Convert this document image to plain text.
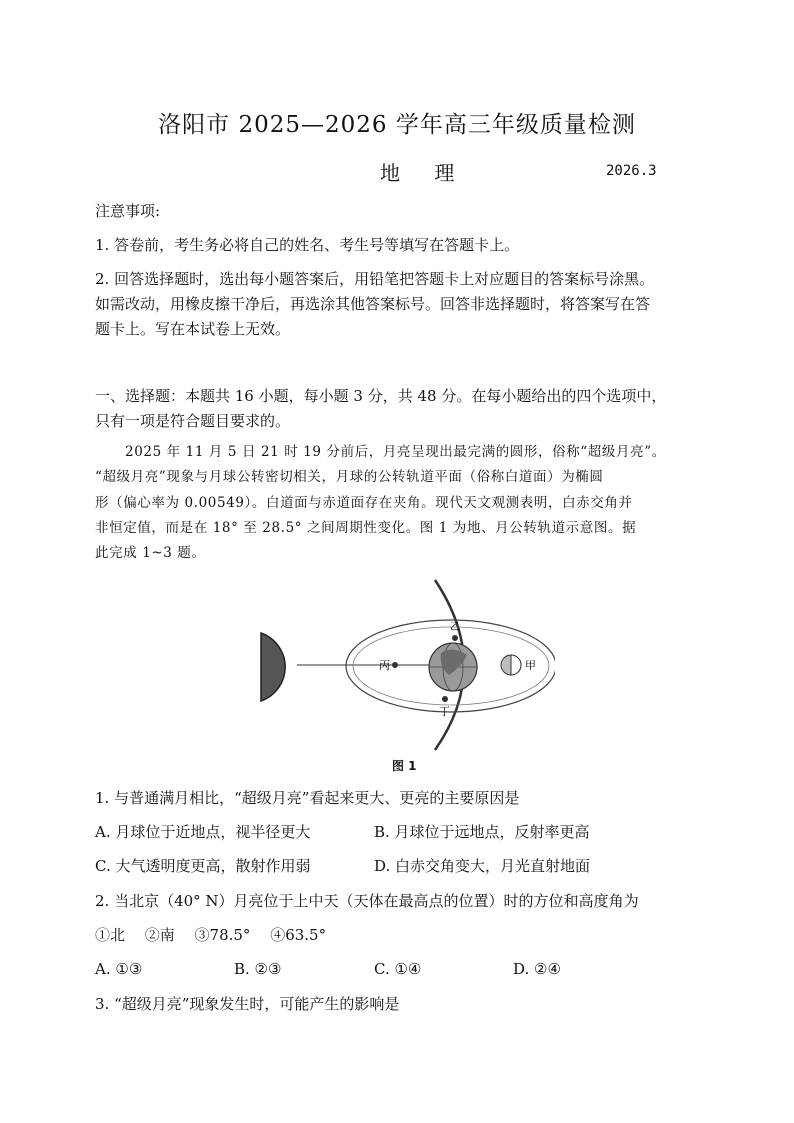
洛阳市 2025—2026 学年高三年级质量检测
地 理	2026.3
注意事项:
1. 答卷前，考生务必将自己的姓名、考生号等填写在答题卡上。
2. 回答选择题时，选出每小题答案后，用铅笔把答题卡上对应题目的答案标号涂黑。
如需改动，用橡皮擦干净后，再选涂其他答案标号。回答非选择题时，将答案写在答
题卡上。写在本试卷上无效。
一、选择题：本题共 16 小题，每小题 3 分，共 48 分。在每小题给出的四个选项中，
只有一项是符合题目要求的。
2025 年 11 月 5 日 21 时 19 分前后，月亮呈现出最完满的圆形，俗称“超级月亮”。
“超级月亮”现象与月球公转密切相关，月球的公转轨道平面（俗称白道面）为椭圆
形（偏心率为 0.00549）。白道面与赤道面存在夹角。现代天文观测表明，白赤交角并
非恒定值，而是在 18° 至 28.5° 之间周期性变化。图 1 为地、月公转轨道示意图。据
此完成 1~3 题。
甲
乙
丙
丁
图 1
1. 与普通满月相比，“超级月亮”看起来更大、更亮的主要原因是
A. 月球位于近地点，视半径更大	B. 月球位于远地点，反射率更高
C. 大气透明度更高，散射作用弱	D. 白赤交角变大，月光直射地面
2. 当北京（40° N）月亮位于上中天（天体在最高点的位置）时的方位和高度角为
①北　 ②南　 ③78.5°　 ④63.5°
A. ①③	B. ②③	C. ①④	D. ②④
3. “超级月亮”现象发生时，可能产生的影响是
